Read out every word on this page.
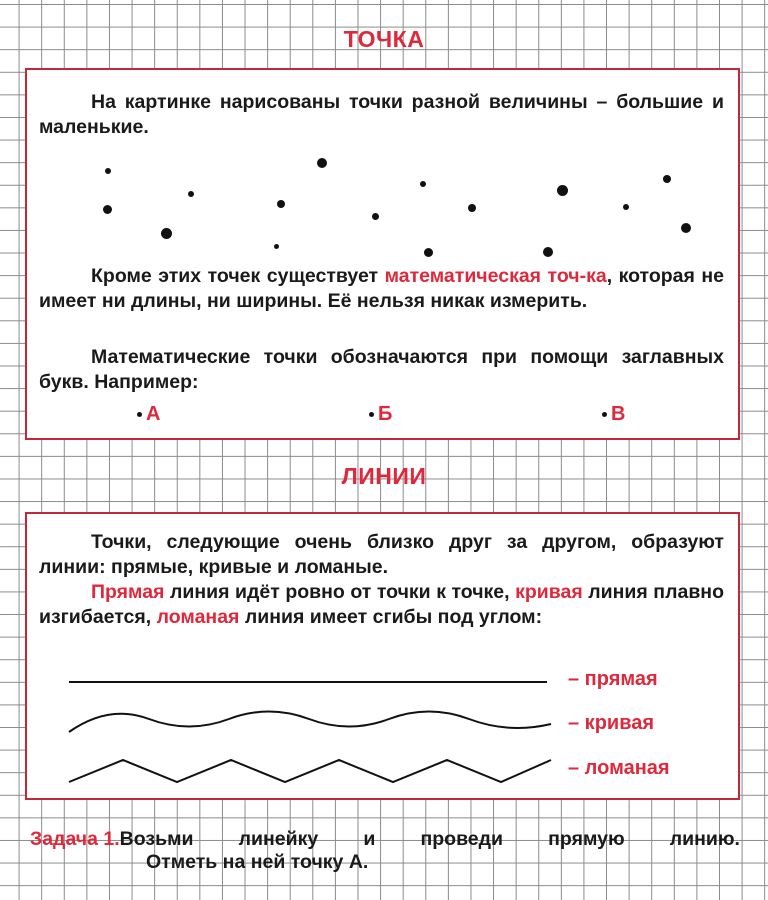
ТОЧКА

На картинке нарисованы точки разной величины – большие и маленькие.

Кроме этих точек существует математическая точ-ка, которая не имеет ни длины, ни ширины. Её нельзя никак измерить.

Математические точки обозначаются при помощи заглавных букв. Например:

А	Б	В
ЛИНИИ

Точки, следующие очень близко друг за другом, образуют линии: прямые, кривые и ломаные.

Прямая линия идёт ровно от точки к точке, кривая линия плавно изгибается, ломаная линия имеет сгибы под углом:

– прямая
– кривая
– ломаная
Задача 1.Возьми линейку и проведи прямую линию.
Отметь на ней точку А.
